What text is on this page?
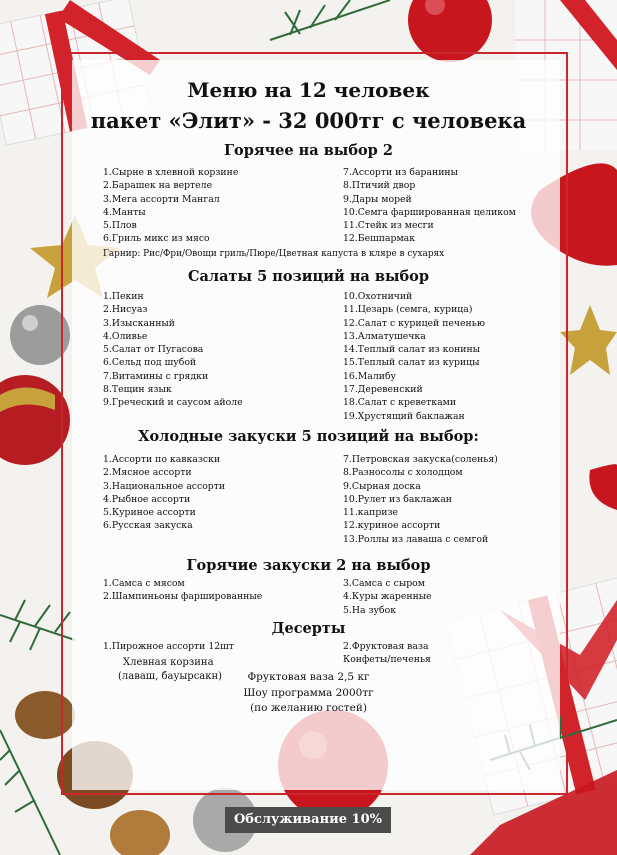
Меню на 12 человек
пакет «Элит» - 32 000тг с человека
Горячее на выбор 2
1.Сырне в хлевной корзине
2.Барашек на вертеле
3.Мега ассорти Мангал
4.Манты
5.Плов
6.Гриль микс из мясо
7.Ассорти из баранины
8.Птичий двор
9.Дары морей
10.Семга фаршированная целиком
11.Стейк из месги
12.Бешпармак
Гарнир: Рис/Фри/Овощи гриль/Пюре/Цветная капуста в кляре в сухарях
Салаты 5 позиций на выбор
1.Пекин
2.Нисуаз
3.Изысканный
4.Оливье
5.Салат от Пугасова
6.Сельд под шубой
7.Витамины с грядки
8.Тещин язык
9.Греческий и саусом айоле
10.Охотничий
11.Цезарь (семга, курица)
12.Салат с курицей печенью
13.Алматушечка
14.Теплый салат из конины
15.Теплый салат из курицы
16.Малибу
17.Деревенский
18.Салат с креветками
19.Хрустящий баклажан
Холодные закуски 5 позиций на выбор:
1.Ассорти по кавказски
2.Мясное ассорти
3.Национальное ассорти
4.Рыбное ассорти
5.Куриное ассорти
6.Русская закуска
7.Петровская закуска(соленья)
8.Разносолы с холодцом
9.Сырная доска
10.Рулет из баклажан
11.капризе
12.куриное ассорти
13.Роллы из лаваша с семгой
Горячие закуски 2 на выбор
1.Самса с мясом
2.Шампиньоны фаршированные
3.Самса с сыром
4.Куры жаренные
5.На зубок
Десерты
1.Пирожное ассорти 12шт	2.Фруктовая ваза
Конфеты/печенья
Хлевная корзина
(лаваш, бауырсакн)	Фруктовая ваза 2,5 кг
Шоу программа 2000тг
(по желанию гостей)
Обслуживание 10%
